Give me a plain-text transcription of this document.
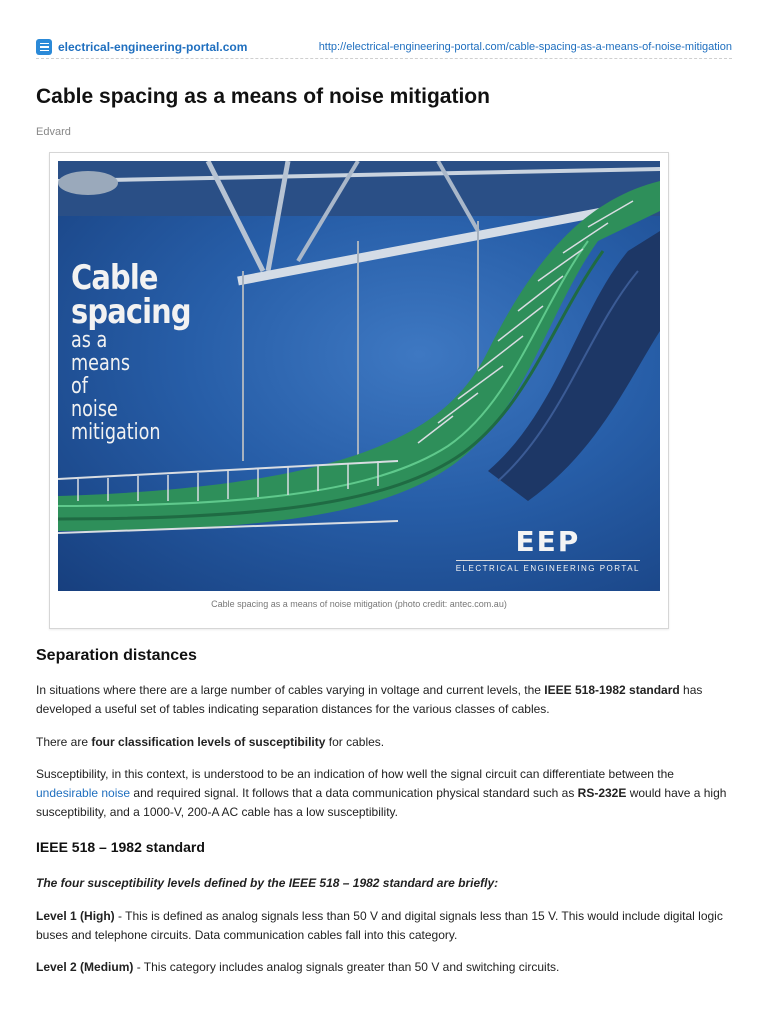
electrical-engineering-portal.com	http://electrical-engineering-portal.com/cable-spacing-as-a-means-of-noise-mitigation
Cable spacing as a means of noise mitigation
Edvard
Cable
spacing
as a
means
of
noise
mitigation
EEP
ELECTRICAL ENGINEERING PORTAL
Cable spacing as a means of noise mitigation (photo credit: antec.com.au)
Separation distances

In situations where there are a large number of cables varying in voltage and current levels, the IEEE 518-1982 standard has developed a useful set of tables indicating separation distances for the various classes of cables.

There are four classification levels of susceptibility for cables.

Susceptibility, in this context, is understood to be an indication of how well the signal circuit can differentiate between the undesirable noise and required signal. It follows that a data communication physical standard such as RS-232E would have a high susceptibility, and a 1000-V, 200-A AC cable has a low susceptibility.

IEEE 518 – 1982 standard

The four susceptibility levels defined by the IEEE 518 – 1982 standard are briefly:

Level 1 (High) - This is defined as analog signals less than 50 V and digital signals less than 15 V. This would include digital logic buses and telephone circuits. Data communication cables fall into this category.

Level 2 (Medium) - This category includes analog signals greater than 50 V and switching circuits.
